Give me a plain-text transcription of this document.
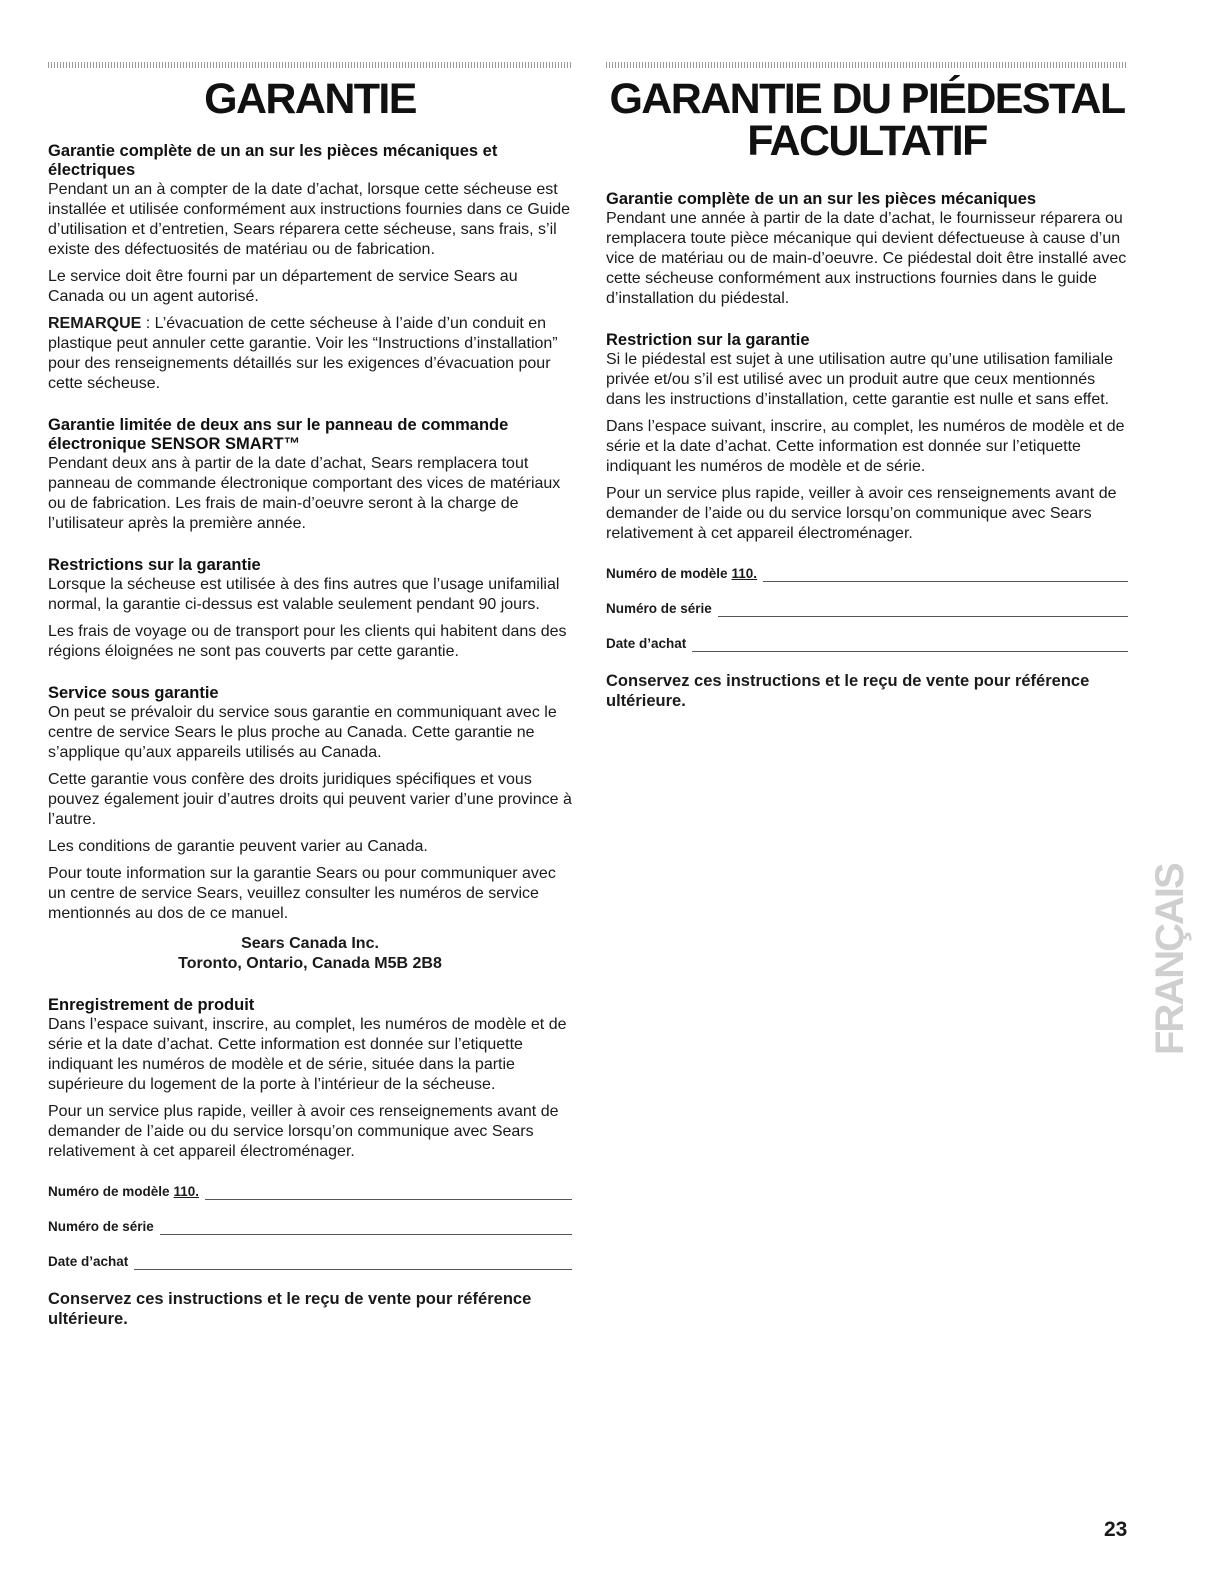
GARANTIE
Garantie complète de un an sur les pièces mécaniques et électriques

Pendant un an à compter de la date d’achat, lorsque cette sécheuse est installée et utilisée conformément aux instructions fournies dans ce Guide d’utilisation et d’entretien, Sears réparera cette sécheuse, sans frais, s’il existe des défectuosités de matériau ou de fabrication.

Le service doit être fourni par un département de service Sears au Canada ou un agent autorisé.

REMARQUE : L’évacuation de cette sécheuse à l’aide d’un conduit en plastique peut annuler cette garantie. Voir les “Instructions d’installation” pour des renseignements détaillés sur les exigences d’évacuation pour cette sécheuse.

Garantie limitée de deux ans sur le panneau de commande électronique SENSOR SMART™

Pendant deux ans à partir de la date d’achat, Sears remplacera tout panneau de commande électronique comportant des vices de matériaux ou de fabrication. Les frais de main-d’oeuvre seront à la charge de l’utilisateur après la première année.

Restrictions sur la garantie

Lorsque la sécheuse est utilisée à des fins autres que l’usage unifamilial normal, la garantie ci-dessus est valable seulement pendant 90 jours.

Les frais de voyage ou de transport pour les clients qui habitent dans des régions éloignées ne sont pas couverts par cette garantie.

Service sous garantie

On peut se prévaloir du service sous garantie en communiquant avec le centre de service Sears le plus proche au Canada. Cette garantie ne s’applique qu’aux appareils utilisés au Canada.

Cette garantie vous confère des droits juridiques spécifiques et vous pouvez également jouir d’autres droits qui peuvent varier d’une province à l’autre.

Les conditions de garantie peuvent varier au Canada.

Pour toute information sur la garantie Sears ou pour communiquer avec un centre de service Sears, veuillez consulter les numéros de service mentionnés au dos de ce manuel.

Sears Canada Inc.
Toronto, Ontario, Canada M5B 2B8
Enregistrement de produit

Dans l’espace suivant, inscrire, au complet, les numéros de modèle et de série et la date d’achat. Cette information est donnée sur l’etiquette indiquant les numéros de modèle et de série, située dans la partie supérieure du logement de la porte à l’intérieur de la sécheuse.

Pour un service plus rapide, veiller à avoir ces renseignements avant de demander de l’aide ou du service lorsqu’on communique avec Sears relativement à cet appareil électroménager.

Numéro de modèle 110.
Numéro de série
Date d’achat
Conservez ces instructions et le reçu de vente pour référence ultérieure.
GARANTIE DU PIÉDESTAL
FACULTATIF
Garantie complète de un an sur les pièces mécaniques

Pendant une année à partir de la date d’achat, le fournisseur réparera ou remplacera toute pièce mécanique qui devient défectueuse à cause d’un vice de matériau ou de main-d’oeuvre. Ce piédestal doit être installé avec cette sécheuse conformément aux instructions fournies dans le guide d’installation du piédestal.

Restriction sur la garantie

Si le piédestal est sujet à une utilisation autre qu’une utilisation familiale privée et/ou s’il est utilisé avec un produit autre que ceux mentionnés dans les instructions d’installation, cette garantie est nulle et sans effet.

Dans l’espace suivant, inscrire, au complet, les numéros de modèle et de série et la date d’achat. Cette information est donnée sur l’etiquette indiquant les numéros de modèle et de série.

Pour un service plus rapide, veiller à avoir ces renseignements avant de demander de l’aide ou du service lorsqu’on communique avec Sears relativement à cet appareil électroménager.

Numéro de modèle 110.
Numéro de série
Date d’achat
Conservez ces instructions et le reçu de vente pour référence ultérieure.
FRANÇAIS
23
